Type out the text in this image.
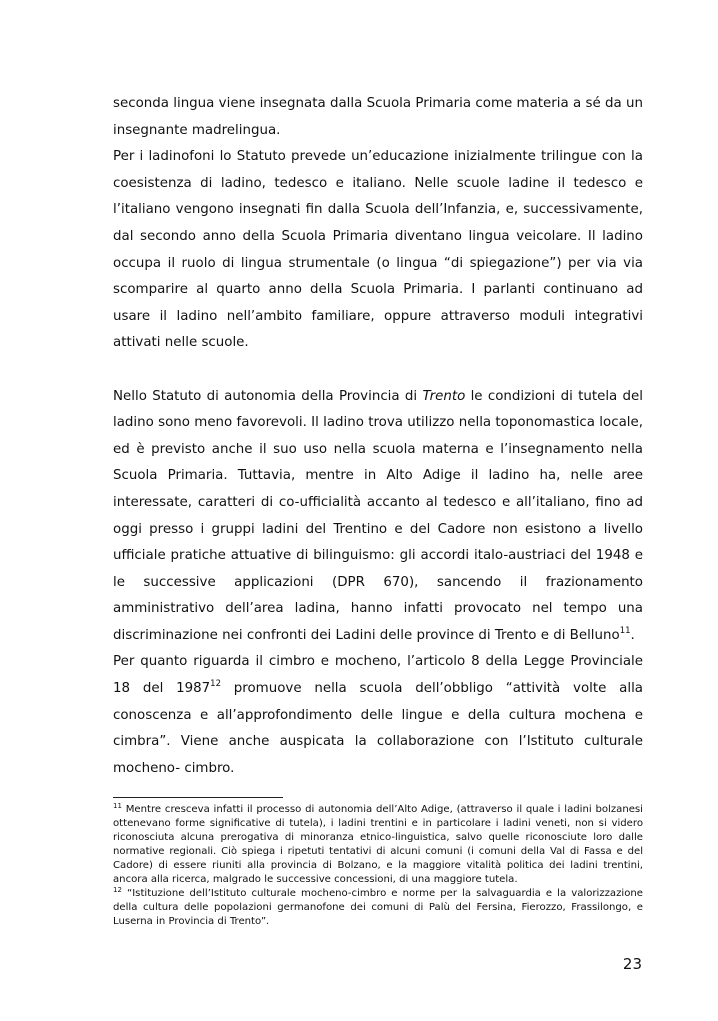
seconda lingua viene insegnata dalla Scuola Primaria come materia a sé da un insegnante madrelingua.

Per i ladinofoni lo Statuto prevede un’educazione inizialmente trilingue con la coesistenza di ladino, tedesco e italiano. Nelle scuole ladine il tedesco e l’italiano vengono insegnati fin dalla Scuola dell’Infanzia, e, successivamente, dal secondo anno della Scuola Primaria diventano lingua veicolare. Il ladino occupa il ruolo di lingua strumentale (o lingua “di spiegazione”) per via via scomparire al quarto anno della Scuola Primaria. I parlanti continuano ad usare il ladino nell’ambito familiare, oppure attraverso moduli integrativi attivati nelle scuole.

Nello Statuto di autonomia della Provincia di Trento le condizioni di tutela del ladino sono meno favorevoli. Il ladino trova utilizzo nella toponomastica locale, ed è previsto anche il suo uso nella scuola materna e l’insegnamento nella Scuola Primaria. Tuttavia, mentre in Alto Adige il ladino ha, nelle aree interessate, caratteri di co-ufficialità accanto al tedesco e all’italiano, fino ad oggi presso i gruppi ladini del Trentino e del Cadore non esistono a livello ufficiale pratiche attuative di bilinguismo: gli accordi italo-austriaci del 1948 e le successive applicazioni (DPR 670), sancendo il frazionamento amministrativo dell’area ladina, hanno infatti provocato nel tempo una discriminazione nei confronti dei Ladini delle province di Trento e di Belluno$^{11}$.

Per quanto riguarda il cimbro e mocheno, l’articolo 8 della Legge Provinciale 18 del 1987$^{12}$ promuove nella scuola dell’obbligo “attività volte alla conoscenza e all’approfondimento delle lingue e della cultura mochena e cimbra”. Viene anche auspicata la collaborazione con l’Istituto culturale mocheno- cimbro.

$^{11}$ Mentre cresceva infatti il processo di autonomia dell’Alto Adige, (attraverso il quale i ladini bolzanesi ottenevano forme significative di tutela), i ladini trentini e in particolare i ladini veneti, non si videro riconosciuta alcuna prerogativa di minoranza etnico-linguistica, salvo quelle riconosciute loro dalle normative regionali. Ciò spiega i ripetuti tentativi di alcuni comuni (i comuni della Val di Fassa e del Cadore) di essere riuniti alla provincia di Bolzano, e la maggiore vitalità politica dei ladini trentini, ancora alla ricerca, malgrado le successive concessioni, di una maggiore tutela.

$^{12}$ “Istituzione dell’Istituto culturale mocheno-cimbro e norme per la salvaguardia e la valorizzazione della cultura delle popolazioni germanofone dei comuni di Palù del Fersina, Fierozzo, Frassilongo, e Luserna in Provincia di Trento”.

23
